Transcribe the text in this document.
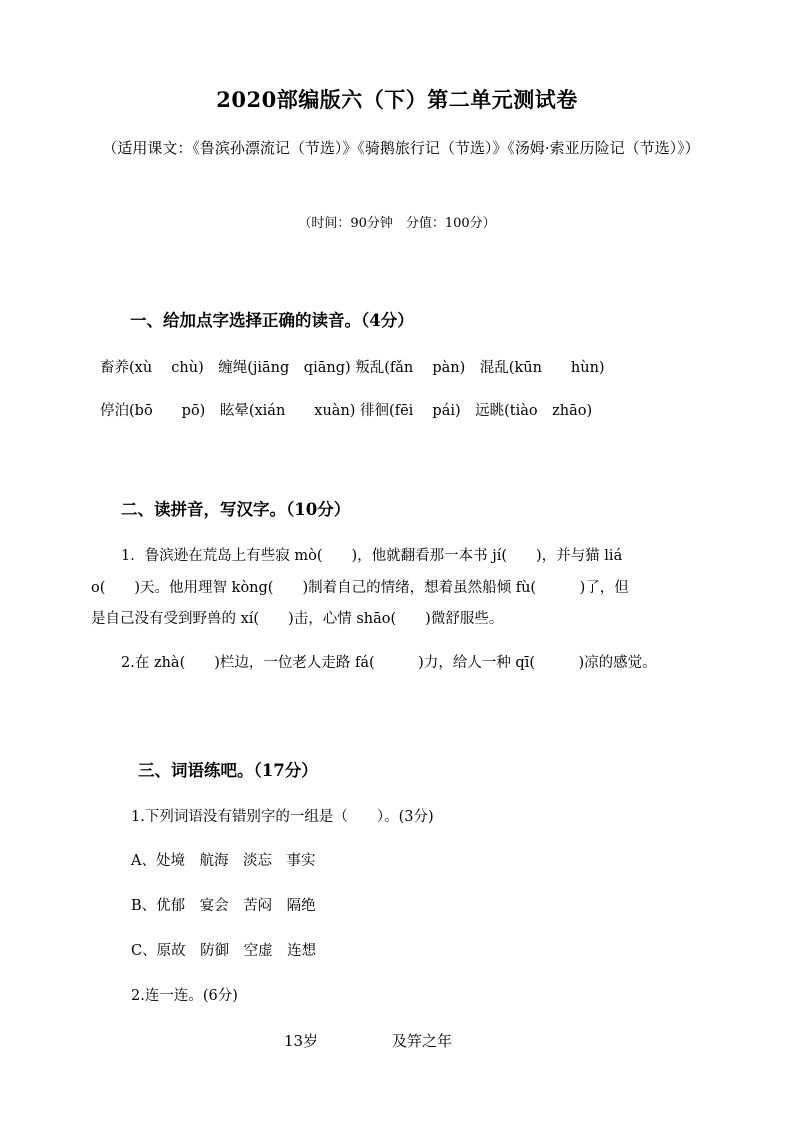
2020部编版六（下）第二单元测试卷
（适用课文：《鲁滨孙漂流记（节选）》《骑鹅旅行记（节选）》《汤姆·索亚历险记（节选）》）
（时间：90分钟　分值：100分）
一、给加点字选择正确的读音。（4分）
畜养(xù　 chù)　缠绳(jiāng　qiāng) 叛乱(fǎn　 pàn)　混乱(kūn　　hùn)
停泊(bō　　pō)　眩晕(xián　　xuàn) 徘徊(fēi　 pái)　远眺(tiào　zhāo)
二、读拼音，写汉字。（10分）
1．鲁滨逊在荒岛上有些寂 mò(　　)，他就翻看那一本书 jí(　　)，并与猫 liá
o(　　)天。他用理智 kòng(　　)制着自己的情绪，想着虽然船倾 fù(　　　)了，但
是自己没有受到野兽的 xí(　　)击，心情 shāo(　　)微舒服些。
2.在 zhà(　　)栏边，一位老人走路 fá(　　　)力，给人一种 qī(　　　)凉的感觉。
三、词语练吧。（17分）
1.下列词语没有错别字的一组是（　　）。(3分)
A、处境　航海　淡忘　事实
B、优郁　宴会　苦闷　隔绝
C、原故　防御　空虚　连想
2.连一连。(6分)
13岁	及笄之年
